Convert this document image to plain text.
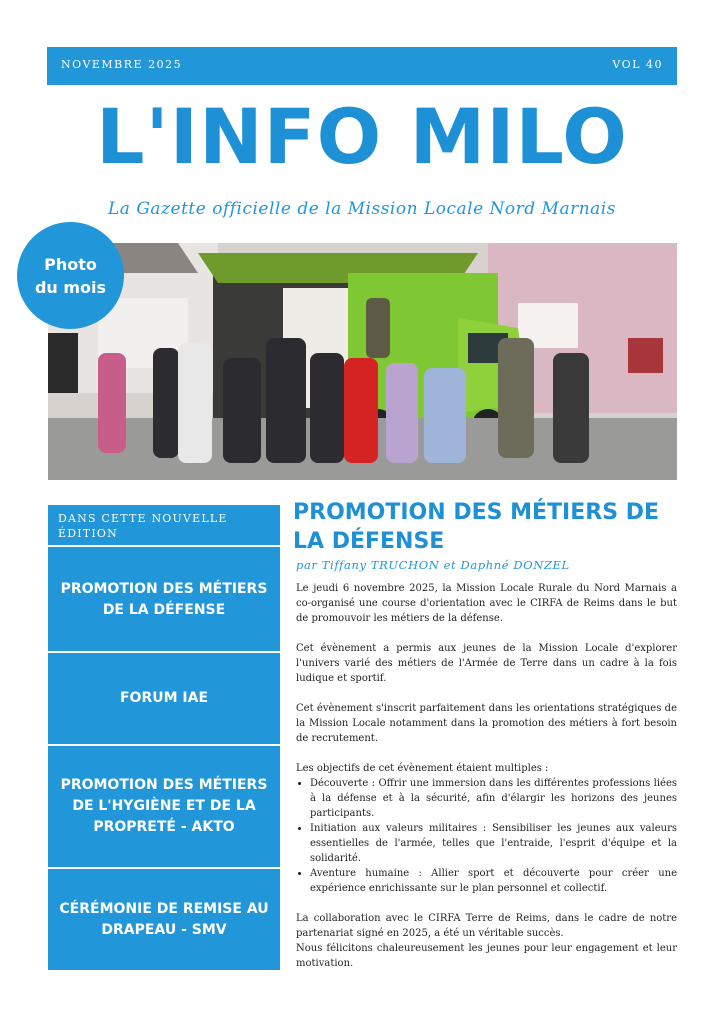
NOVEMBRE 2025	VOL 40
L'INFO MILO
La Gazette officielle de la Mission Locale Nord Marnais
Photo
du mois
DANS CETTE NOUVELLE ÉDITION
PROMOTION DES MÉTIERS DE LA DÉFENSE
FORUM IAE
PROMOTION DES MÉTIERS DE L'HYGIÈNE ET DE LA PROPRETÉ - AKTO
CÉRÉMONIE DE REMISE AU DRAPEAU - SMV
PROMOTION DES MÉTIERS DE LA DÉFENSE
par Tiffany TRUCHON et Daphné DONZEL

Le jeudi 6 novembre 2025, la Mission Locale Rurale du Nord Marnais a co-organisé une course d'orientation avec le CIRFA de Reims dans le but de promouvoir les métiers de la défense.

Cet évènement a permis aux jeunes de la Mission Locale d'explorer l'univers varié des métiers de l'Armée de Terre dans un cadre à la fois ludique et sportif.

Cet évènement s'inscrit parfaitement dans les orientations stratégiques de la Mission Locale notamment dans la promotion des métiers à fort besoin de recrutement.

Les objectifs de cet évènement étaient multiples :

• Découverte : Offrir une immersion dans les différentes professions liées à la défense et à la sécurité, afin d'élargir les horizons des jeunes participants.
• Initiation aux valeurs militaires : Sensibiliser les jeunes aux valeurs essentielles de l'armée, telles que l'entraide, l'esprit d'équipe et la solidarité.
• Aventure humaine : Allier sport et découverte pour créer une expérience enrichissante sur le plan personnel et collectif.

La collaboration avec le CIRFA Terre de Reims, dans le cadre de notre partenariat signé en 2025, a été un véritable succès.

Nous félicitons chaleureusement les jeunes pour leur engagement et leur motivation.
